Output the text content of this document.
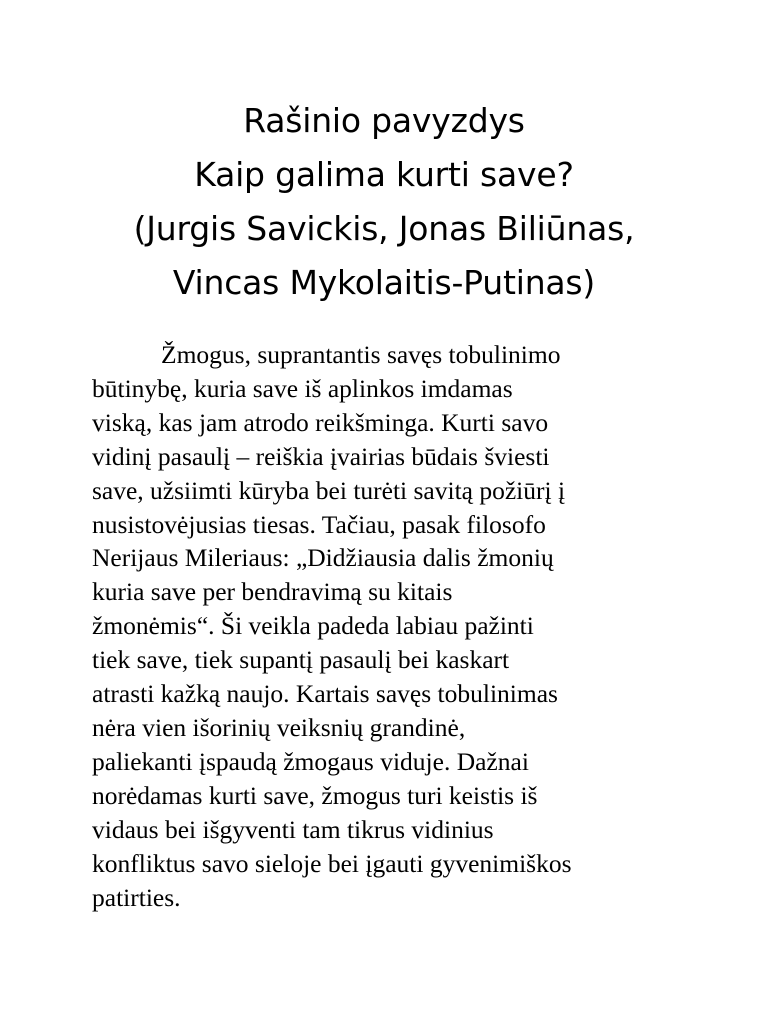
Rašinio pavyzdys
Kaip galima kurti save?
(Jurgis Savickis, Jonas Biliūnas,
Vincas Mykolaitis-Putinas)
Žmogus, suprantantis savęs tobulinimo
būtinybę, kuria save iš aplinkos imdamas
viską, kas jam atrodo reikšminga. Kurti savo
vidinį pasaulį – reiškia įvairias būdais šviesti
save, užsiimti kūryba bei turėti savitą požiūrį į
nusistovėjusias tiesas. Tačiau, pasak filosofo
Nerijaus Mileriaus: „Didžiausia dalis žmonių
kuria save per bendravimą su kitais
žmonėmis“. Ši veikla padeda labiau pažinti
tiek save, tiek supantį pasaulį bei kaskart
atrasti kažką naujo. Kartais savęs tobulinimas
nėra vien išorinių veiksnių grandinė,
paliekanti įspaudą žmogaus viduje. Dažnai
norėdamas kurti save, žmogus turi keistis iš
vidaus bei išgyventi tam tikrus vidinius
konfliktus savo sieloje bei įgauti gyvenimiškos
patirties.
